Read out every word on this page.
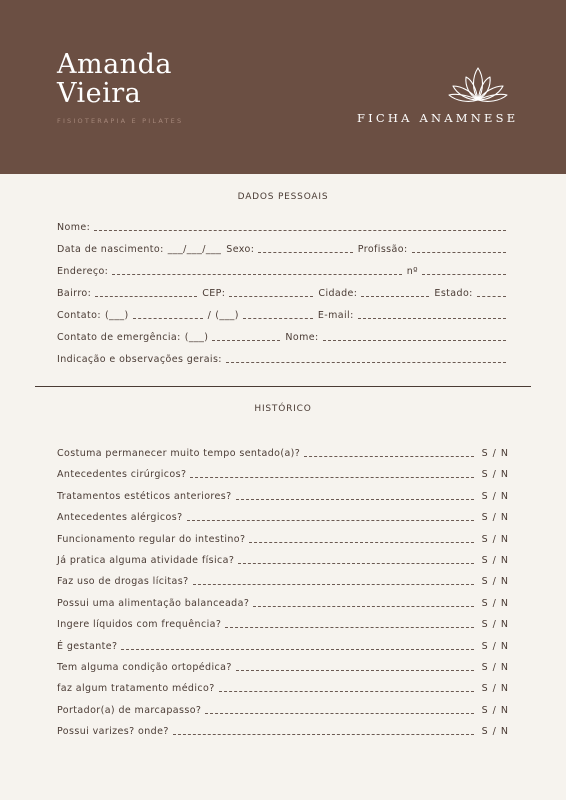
Amanda
Vieira
FISIOTERAPIA E PILATES	FICHA ANAMNESE
DADOS PESSOAIS
Nome:
Data de nascimento: ___/___/___ Sexo:	Profissão:
Endereço:	nº
Bairro:	CEP:	Cidade:	Estado:
Contato: (___)	/ (___)	E-mail:
Contato de emergência: (___)	Nome:
Indicação e observações gerais:
HISTÓRICO
Costuma permanecer muito tempo sentado(a)?	S / N
Antecedentes cirúrgicos?	S / N
Tratamentos estéticos anteriores?	S / N
Antecedentes alérgicos?	S / N
Funcionamento regular do intestino?	S / N
Já pratica alguma atividade física?	S / N
Faz uso de drogas lícitas?	S / N
Possui uma alimentação balanceada?	S / N
Ingere líquidos com frequência?	S / N
É gestante?	S / N
Tem alguma condição ortopédica?	S / N
faz algum tratamento médico?	S / N
Portador(a) de marcapasso?	S / N
Possui varizes? onde?	S / N
